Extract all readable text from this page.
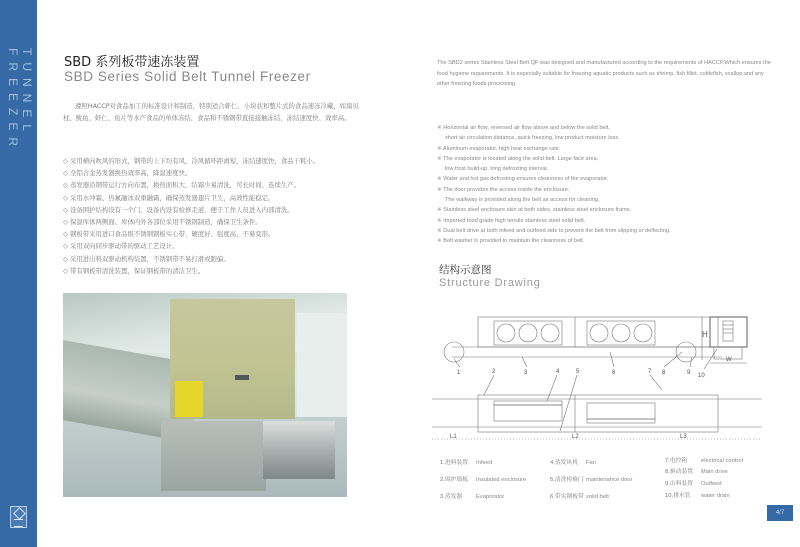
TUNNEL
FREEZER	SBD 系列板带速冻装置
SBD Series Solid Belt Tunnel Freezer

遵照HACCP对食品加工的标准设计和制造，特别适合虾仁、小块状和整片式的食品速冻冷藏，如扇贝柱、鱿鱼、虾仁、鱼片等水产食品的单体冻结，食品和不锈钢带直接接触冻结，冻结速度快、效率高。

◇ 采用横向吹风的形式，钢带的上下均有风，冷风循环距离短，冻结速度快，食品干耗小。
◇ 全铝合金蒸发器换热效率高，降温速度快。
◇ 蒸发器沿钢带运行方向布置，换热面积大，结霜少易清洗，可长时间、连续生产。
◇ 采用水冲霜、热氟融冰双重融霜，确保蒸发器翅片卫生，高效性能稳定。
◇ 设备围护结构设有一个门，设备内设有检修走道，便于工作人员进入内部清洗。
◇ 保温库体两侧面、库体内外各部位采用不锈钢制造，确保卫生条件。
◇ 钢板带采用进口食品级不锈钢钢板实心带，硬度好、强度高、不易变形。
◇ 采用双向同步驱动带的驱动工艺设计。
◇ 采用进出料双驱动机构装置，不锈钢带不易打滑或跑偏。
◇ 带有钢板带清洗装置，保证钢板带的清洁卫生。

The SBD2 series Stainless Steel Belt QF was designed and manufactured according to the requirements of HACCP,Which ensures the food hygiene requirements. It is especially suitable for freezing aquatic products such as shrimp, fish fillet, cuttlefish, scallop and any other freezing foods processing.

※ Horizontal air flow, reversed air flow above and below the solid belt,
short air circulation distance, quick freezing, low product moisture loss.
※ Aluminum evaporator, high heat exchange rate.
※ The evaporator is located along the solid belt. Large face area,
low frost build-up, long defrosting interval.
※ Water and hot gas defrosting ensures cleanness of the evaporator.
※ The door provides the access inside the enclosure.
The walkway is provided along the belt as access for cleaning.
※ Stainless steel enclosure skin at both sides, stainless steel enclosure frame.
※ Imported food grade high tensile stainless steel solid belt.
※ Dual belt drive at both infeed and outfeed side to prevent the belt from slipping or deflecting.
※ Belt washer is provided to maintain the cleanness of belt.
结构示意图
Structure Drawing
1	2	3	4	5	6	7 8	9 10
L1	L2	L3
H
W
1.进料装置 Infeed
2.围护墙板 Insulated enclosure
3.蒸发器 Evaporator
4.蒸发风机 Fan
5.清洗检修门 maintenance door
6.带实钢板带 solid belt
7.电控箱 electrical control
8.驱动装置 Main drive
9.出料装置 Outfeed
10.排水管 water drain
4/7
